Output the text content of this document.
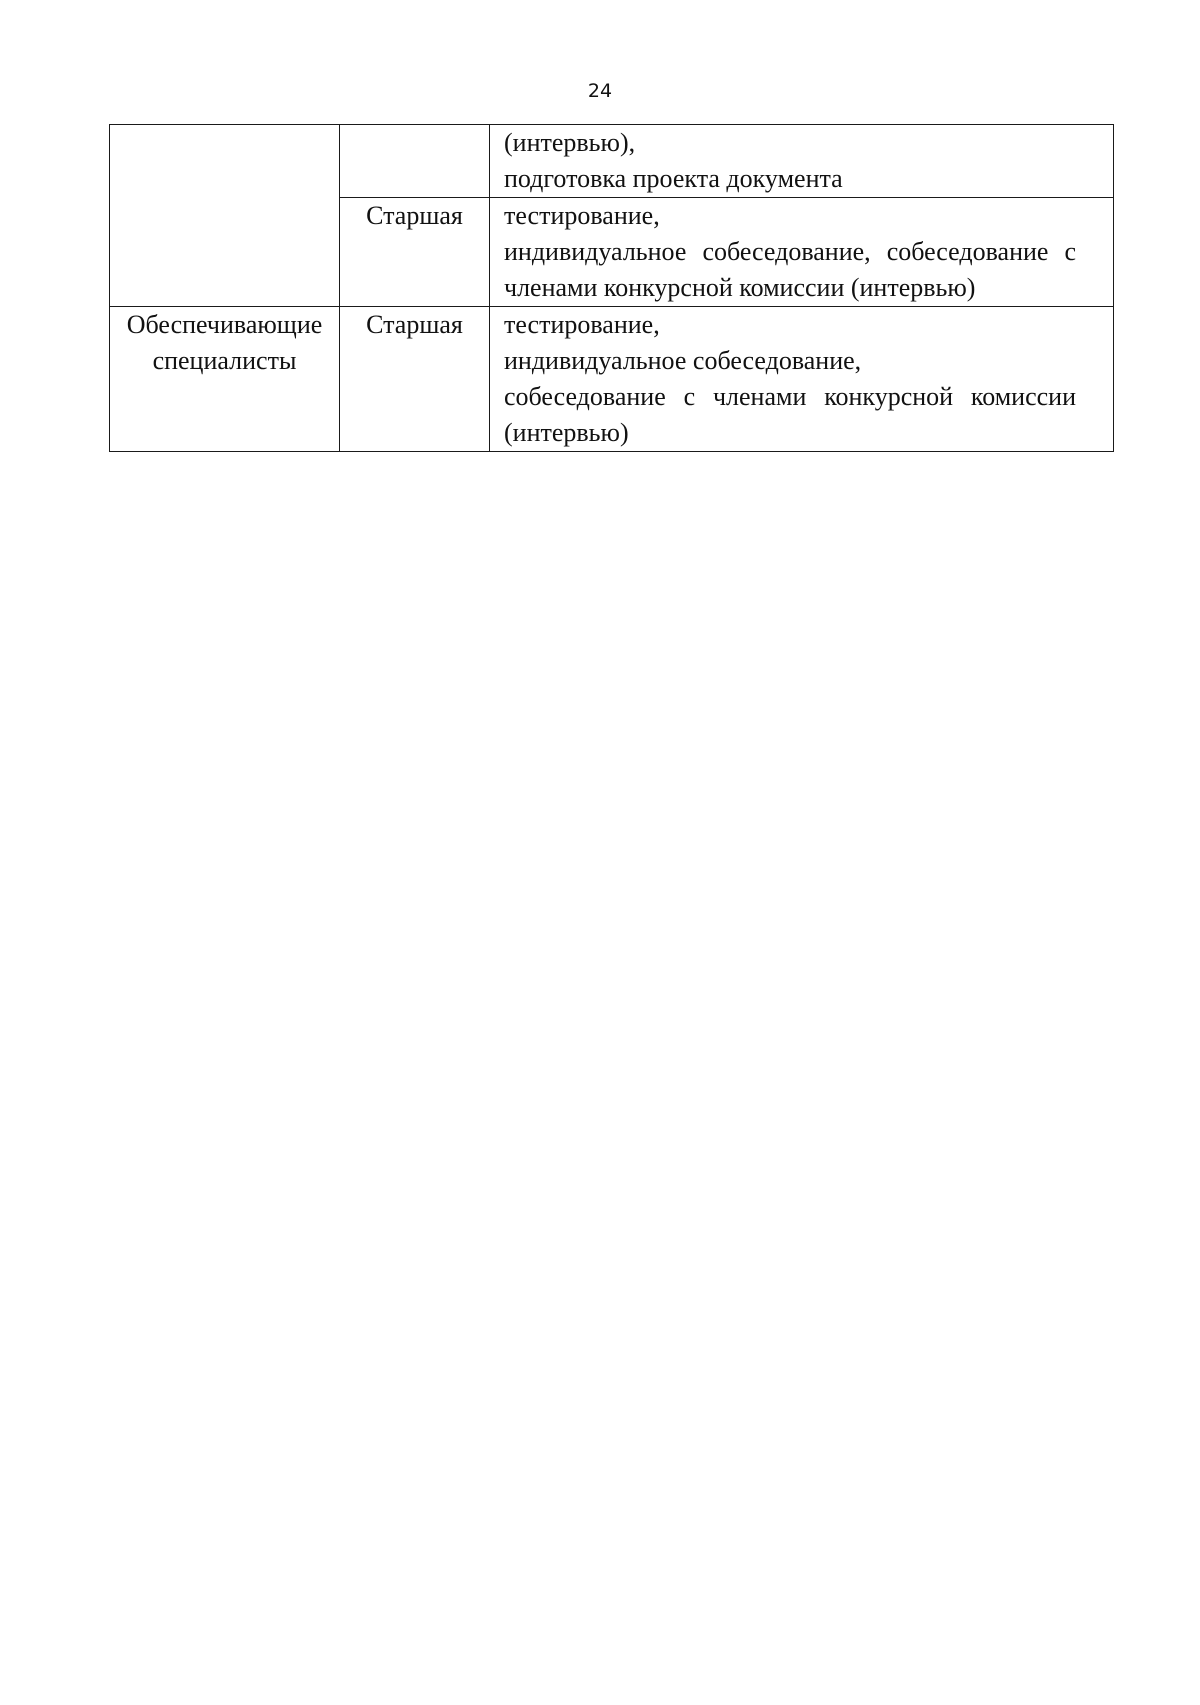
24

		(интервью),
подготовка проекта документа

	Старшая	тестирование,
индивидуальное собеседование, собеседование с
членами конкурсной комиссии (интервью)

Обеспечивающие специалисты	Старшая	тестирование,
индивидуальное собеседование,
собеседование с членами конкурсной комиссии
(интервью)
